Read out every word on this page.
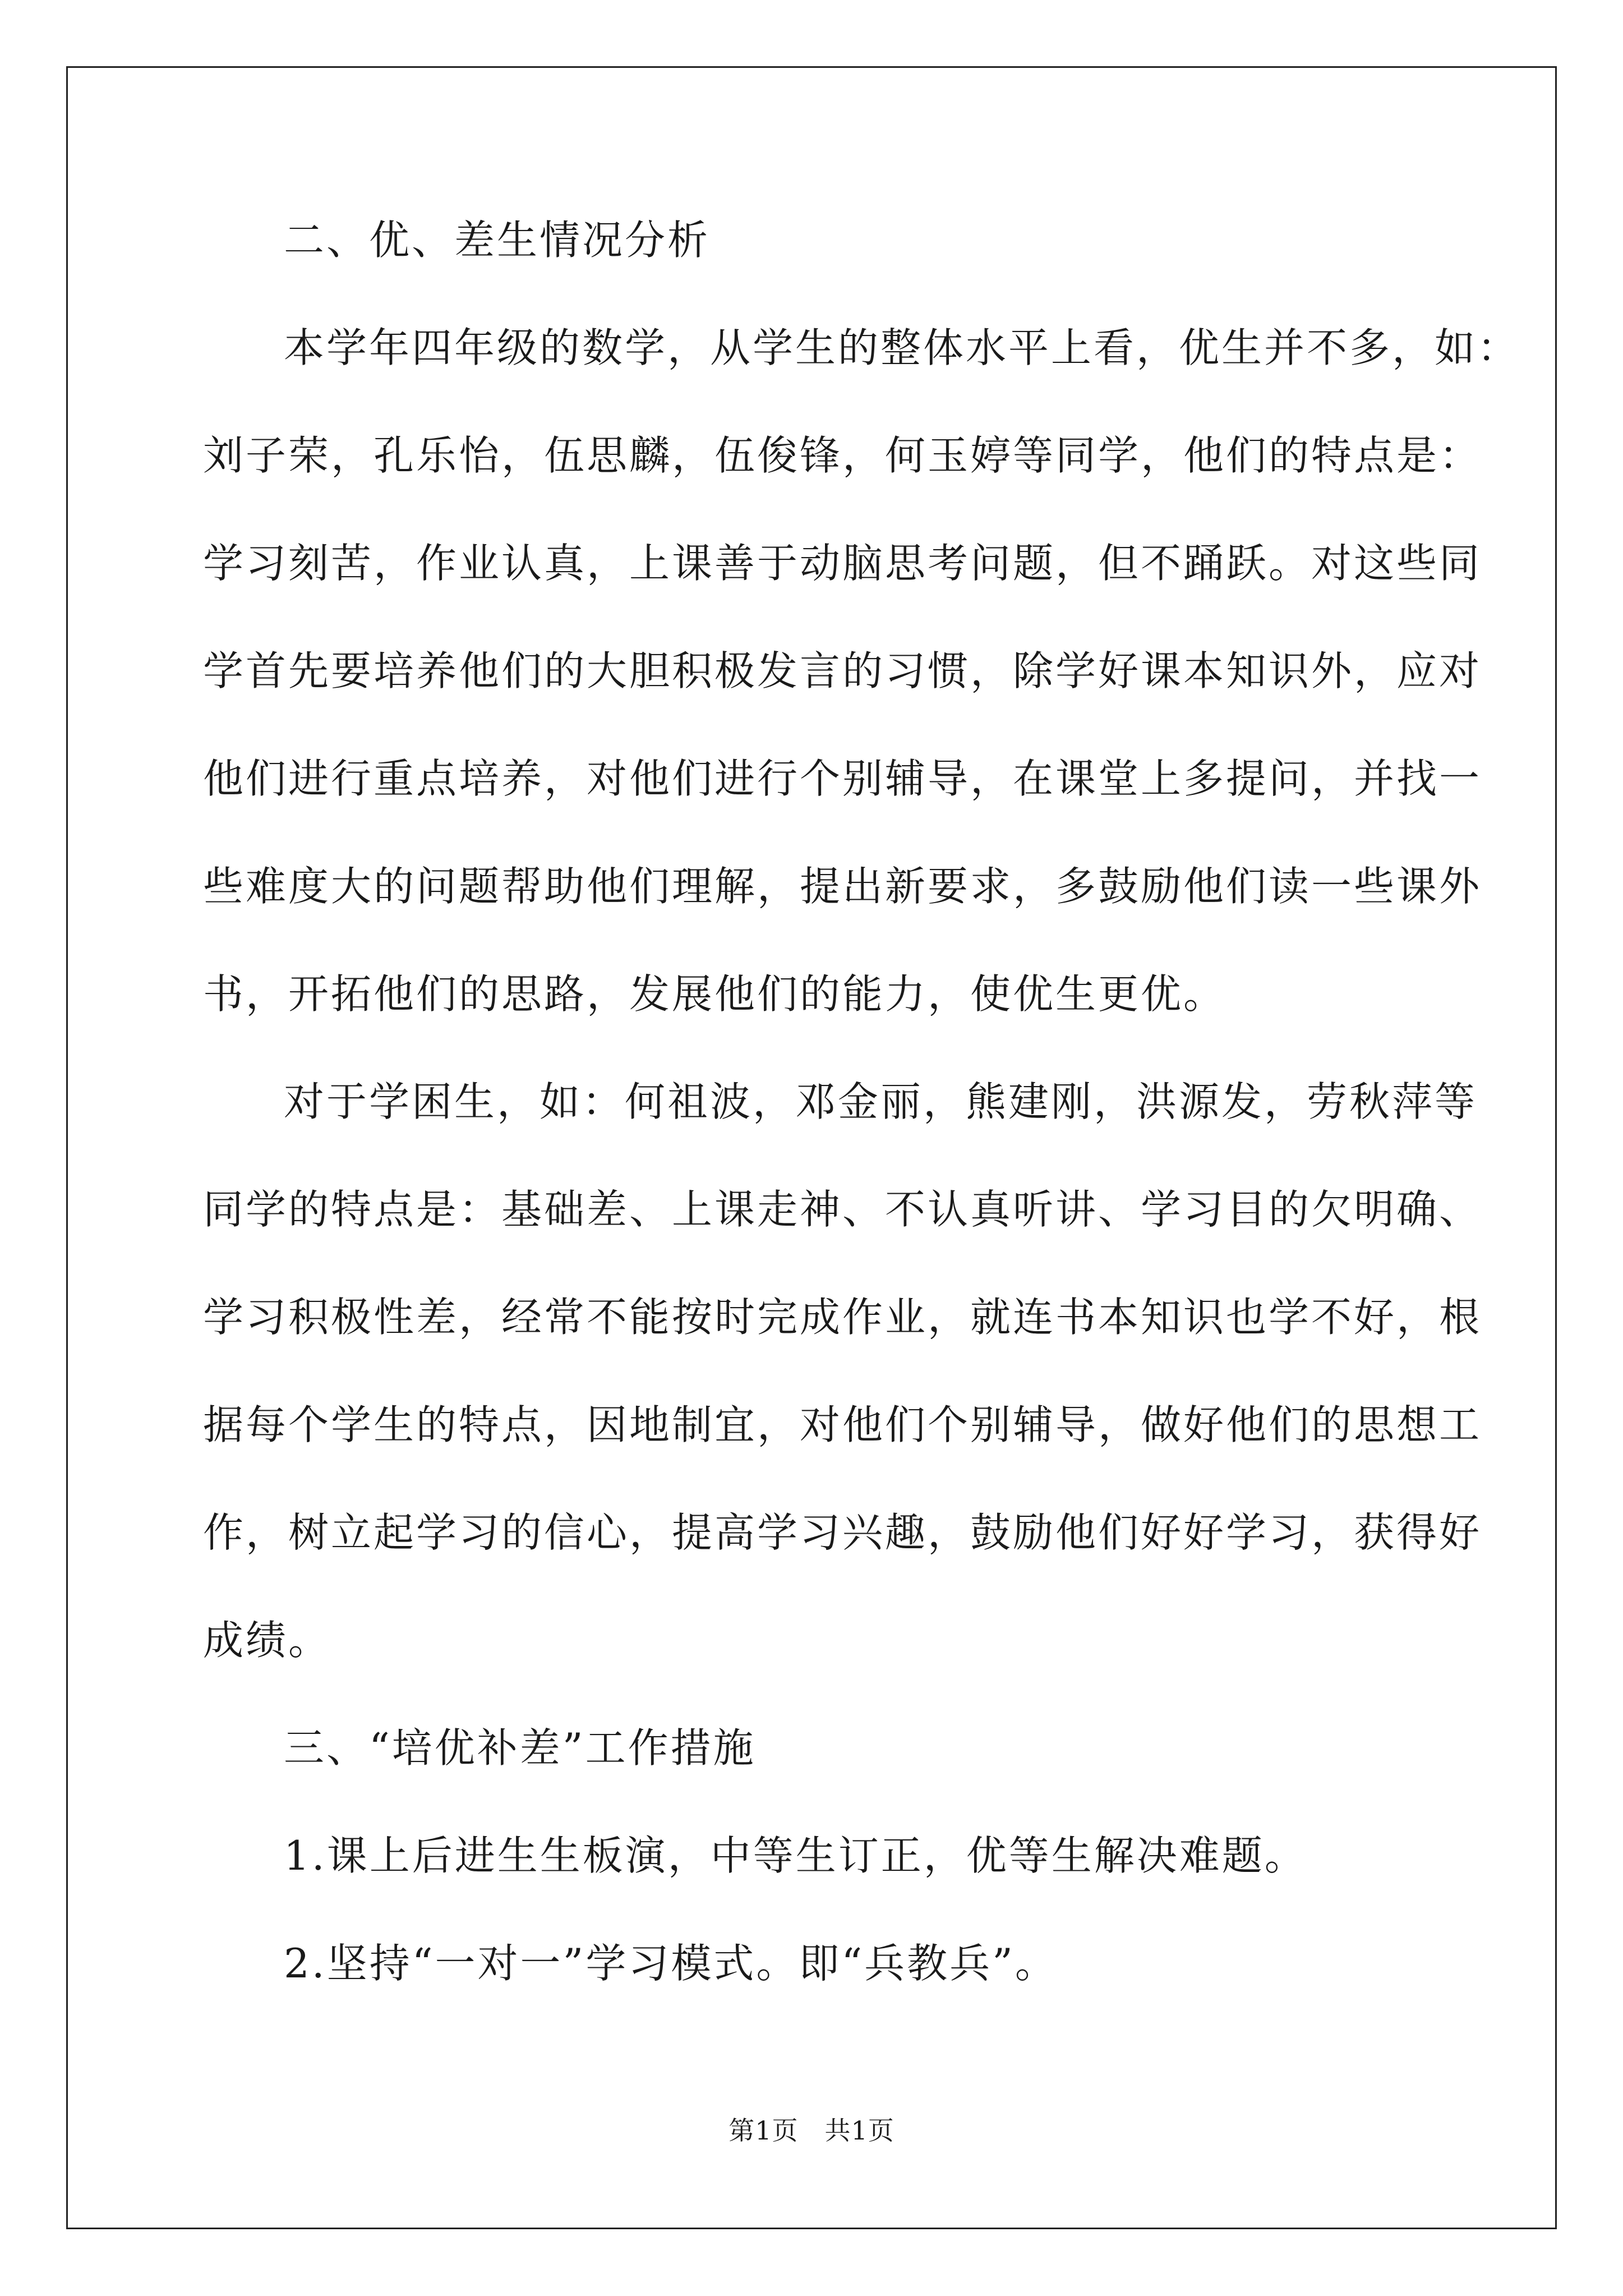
二、优、差生情况分析
本学年四年级的数学，从学生的整体水平上看，优生并不多，如：
刘子荣，孔乐怡，伍思麟，伍俊锋，何玉婷等同学，他们的特点是：
学习刻苦，作业认真，上课善于动脑思考问题，但不踊跃。对这些同
学首先要培养他们的大胆积极发言的习惯，除学好课本知识外，应对
他们进行重点培养，对他们进行个别辅导，在课堂上多提问，并找一
些难度大的问题帮助他们理解，提出新要求，多鼓励他们读一些课外
书，开拓他们的思路，发展他们的能力，使优生更优。
对于学困生，如：何祖波，邓金丽，熊建刚，洪源发，劳秋萍等
同学的特点是：基础差、上课走神、不认真听讲、学习目的欠明确、
学习积极性差，经常不能按时完成作业，就连书本知识也学不好，根
据每个学生的特点，因地制宜，对他们个别辅导，做好他们的思想工
作，树立起学习的信心，提高学习兴趣，鼓励他们好好学习，获得好
成绩。
三、“培优补差”工作措施
1.课上后进生生板演，中等生订正，优等生解决难题。
2.坚持“一对一”学习模式。即“兵教兵”。
第1页　共1页
